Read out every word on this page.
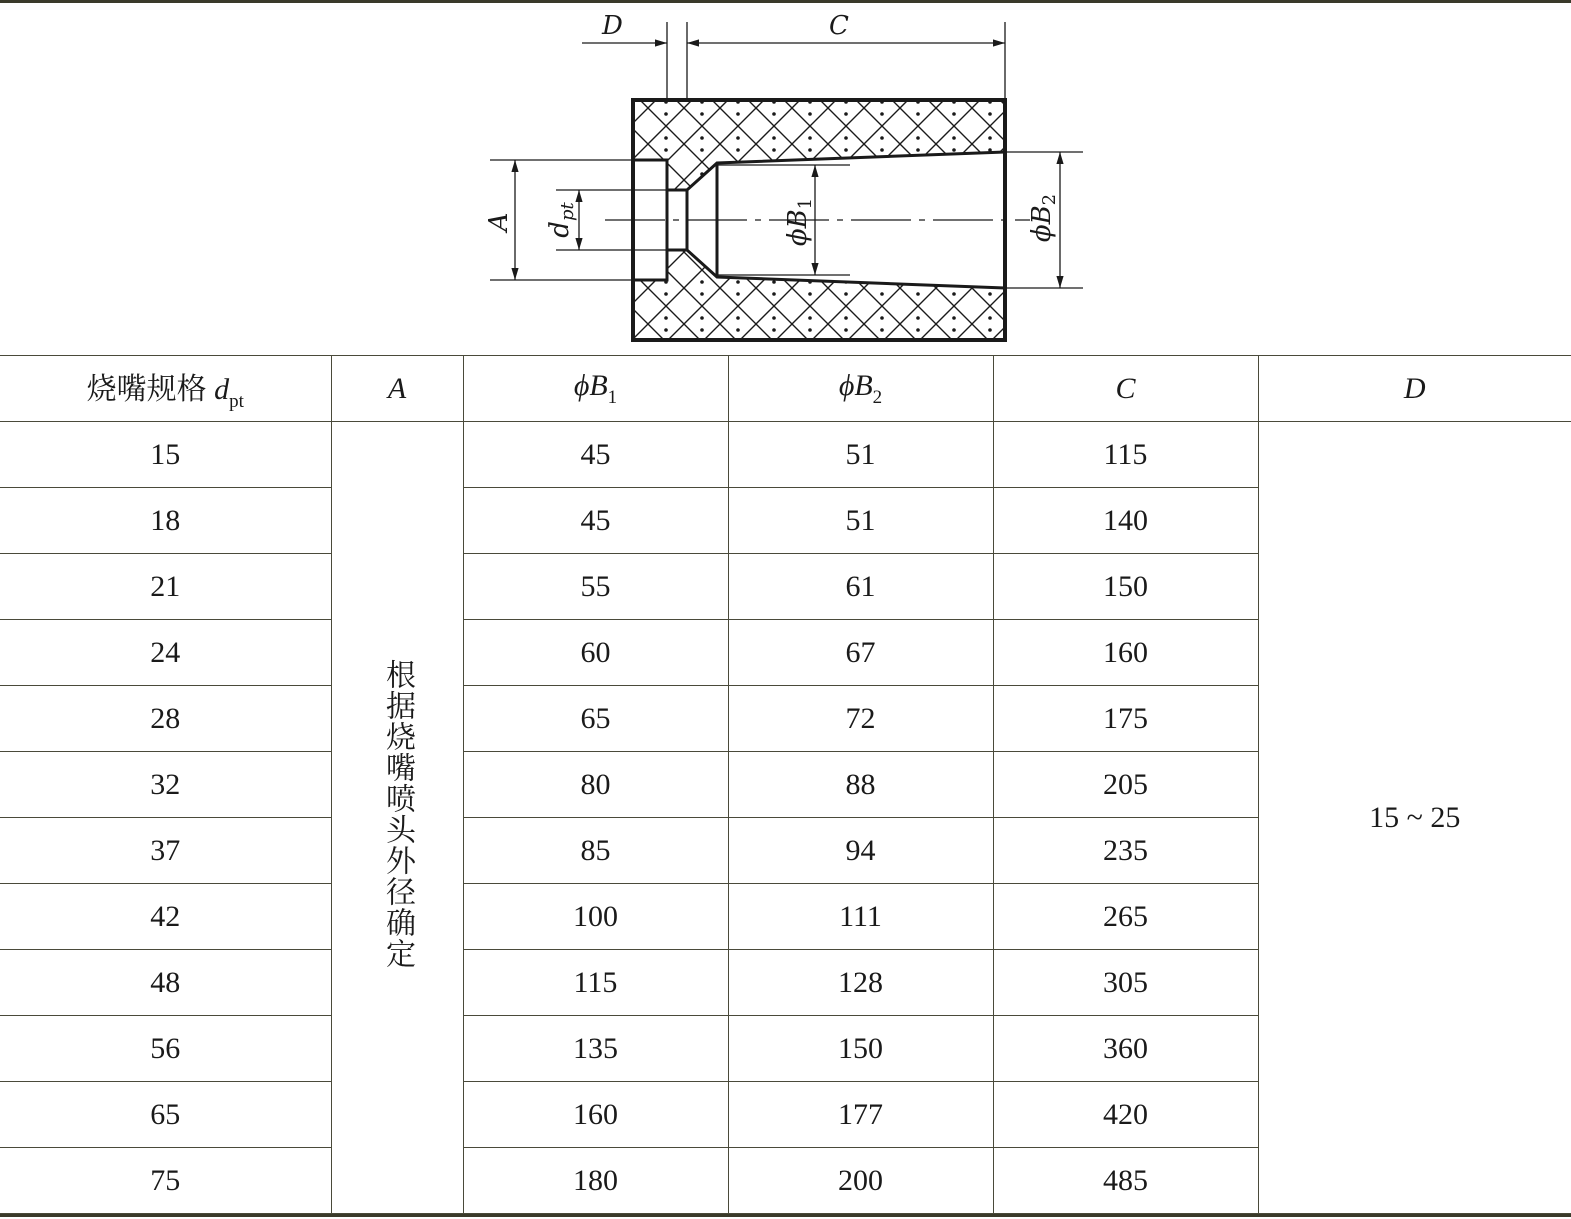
D	C
A dpt	ϕB1
ϕB2
烧嘴规格 $d_{pt}$	A	$\phi B_1$	$\phi B_2$	C	D
15	根据烧嘴喷头外径确定	45	51	115	15 ~ 25
18		45	51	140	
21		55	61	150	
24		60	67	160	
28		65	72	175	
32		80	88	205	
37		85	94	235	
42		100	111	265	
48		115	128	305	
56		135	150	360	
65		160	177	420	
75		180	200	485	
